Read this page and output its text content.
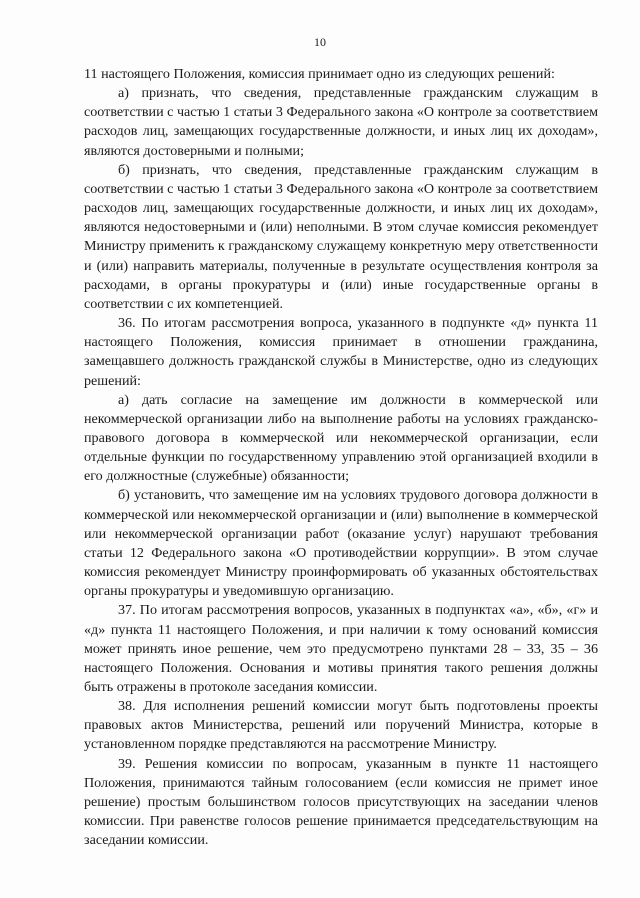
10

11 настоящего Положения, комиссия принимает одно из следующих решений:

а) признать, что сведения, представленные гражданским служащим в соответствии с частью 1 статьи 3 Федерального закона «О контроле за соответствием расходов лиц, замещающих государственные должности, и иных лиц их доходам», являются достоверными и полными;

б) признать, что сведения, представленные гражданским служащим в соответствии с частью 1 статьи 3 Федерального закона «О контроле за соответствием расходов лиц, замещающих государственные должности, и иных лиц их доходам», являются недостоверными и (или) неполными. В этом случае комиссия рекомендует Министру применить к гражданскому служащему конкретную меру ответственности и (или) направить материалы, полученные в результате осуществления контроля за расходами, в органы прокуратуры и (или) иные государственные органы в соответствии с их компетенцией.

36. По итогам рассмотрения вопроса, указанного в подпункте «д» пункта 11 настоящего Положения, комиссия принимает в отношении гражданина, замещавшего должность гражданской службы в Министерстве, одно из следующих решений:

а) дать согласие на замещение им должности в коммерческой или некоммерческой организации либо на выполнение работы на условиях гражданско-правового договора в коммерческой или некоммерческой организации, если отдельные функции по государственному управлению этой организацией входили в его должностные (служебные) обязанности;

б) установить, что замещение им на условиях трудового договора должности в коммерческой или некоммерческой организации и (или) выполнение в коммерческой или некоммерческой организации работ (оказание услуг) нарушают требования статьи 12 Федерального закона «О противодействии коррупции». В этом случае комиссия рекомендует Министру проинформировать об указанных обстоятельствах органы прокуратуры и уведомившую организацию.

37. По итогам рассмотрения вопросов, указанных в подпунктах «а», «б», «г» и «д» пункта 11 настоящего Положения, и при наличии к тому оснований комиссия может принять иное решение, чем это предусмотрено пунктами 28 – 33, 35 – 36 настоящего Положения. Основания и мотивы принятия такого решения должны быть отражены в протоколе заседания комиссии.

38. Для исполнения решений комиссии могут быть подготовлены проекты правовых актов Министерства, решений или поручений Министра, которые в установленном порядке представляются на рассмотрение Министру.

39. Решения комиссии по вопросам, указанным в пункте 11 настоящего Положения, принимаются тайным голосованием (если комиссия не примет иное решение) простым большинством голосов присутствующих на заседании членов комиссии. При равенстве голосов решение принимается председательствующим на заседании комиссии.
